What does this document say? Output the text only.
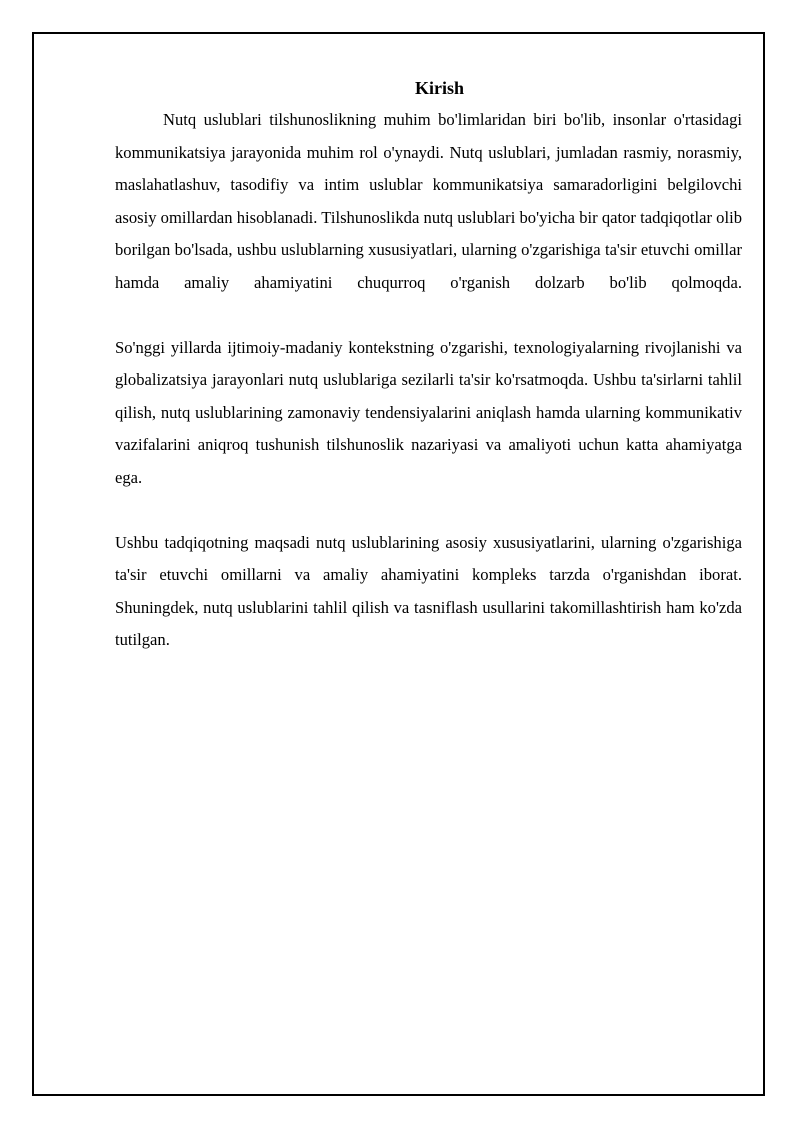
Kirish

Nutq uslublari tilshunoslikning muhim bo'limlaridan biri bo'lib, insonlar o'rtasidagi kommunikatsiya jarayonida muhim rol o'ynaydi. Nutq uslublari, jumladan rasmiy, norasmiy, maslahatlashuv, tasodifiy va intim uslublar kommunikatsiya samaradorligini belgilovchi asosiy omillardan hisoblanadi. Tilshunoslikda nutq uslublari bo'yicha bir qator tadqiqotlar olib borilgan bo'lsada, ushbu uslublarning xususiyatlari, ularning o'zgarishiga ta'sir etuvchi omillar hamda amaliy ahamiyatini chuqurroq o'rganish dolzarb bo'lib qolmoqda.

So'nggi yillarda ijtimoiy-madaniy kontekstning o'zgarishi, texnologiyalarning rivojlanishi va globalizatsiya jarayonlari nutq uslublariga sezilarli ta'sir ko'rsatmoqda. Ushbu ta'sirlarni tahlil qilish, nutq uslublarining zamonaviy tendensiyalarini aniqlash hamda ularning kommunikativ vazifalarini aniqroq tushunish tilshunoslik nazariyasi va amaliyoti uchun katta ahamiyatga ega.

Ushbu tadqiqotning maqsadi nutq uslublarining asosiy xususiyatlarini, ularning o'zgarishiga ta'sir etuvchi omillarni va amaliy ahamiyatini kompleks tarzda o'rganishdan iborat. Shuningdek, nutq uslublarini tahlil qilish va tasniflash usullarini takomillashtirish ham ko'zda tutilgan.
